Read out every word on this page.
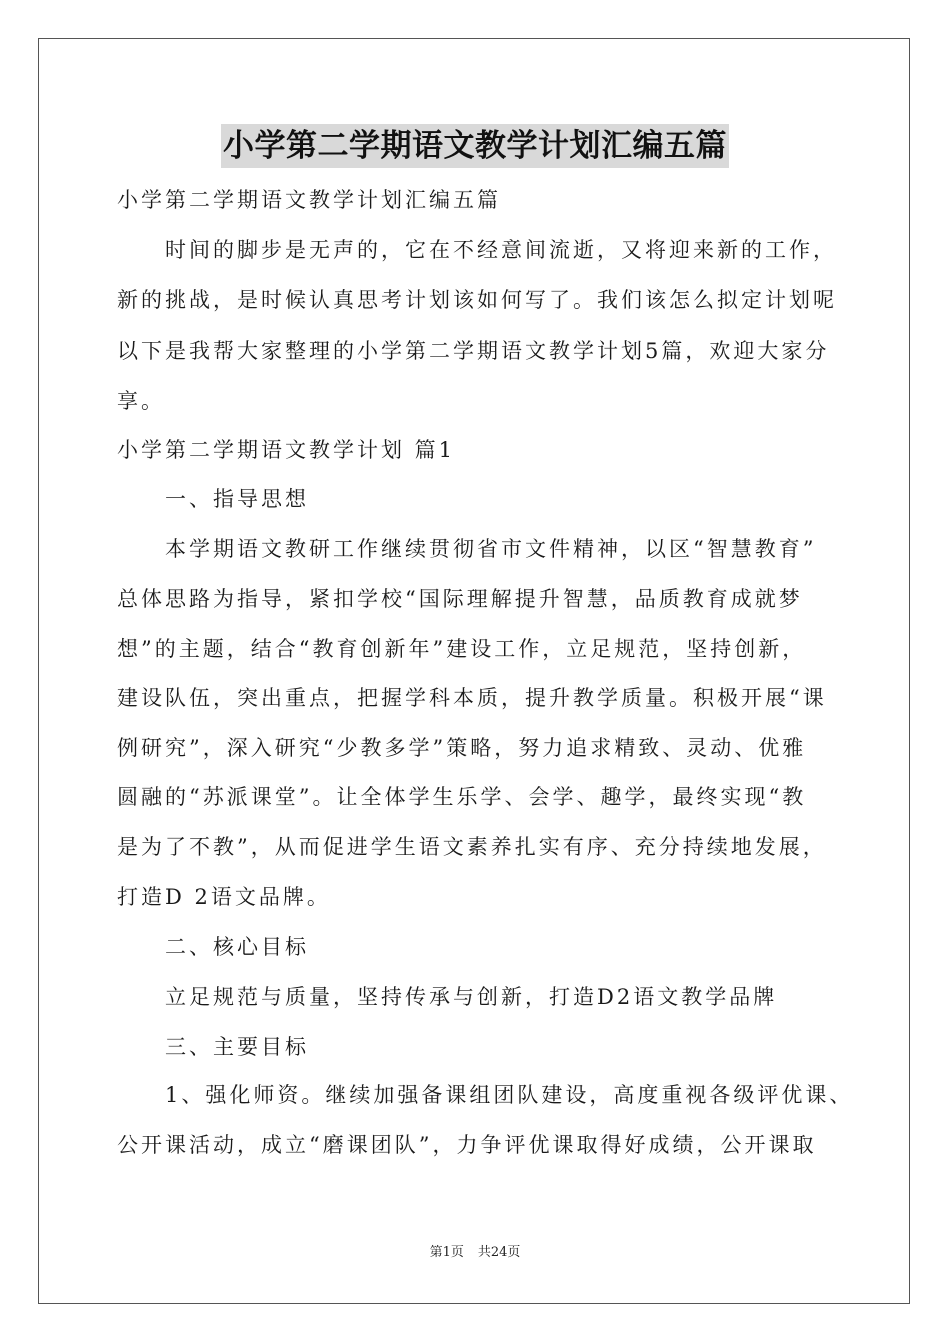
小学第二学期语文教学计划汇编五篇
小学第二学期语文教学计划汇编五篇
时间的脚步是无声的，它在不经意间流逝，又将迎来新的工作，
新的挑战，是时候认真思考计划该如何写了。我们该怎么拟定计划呢
以下是我帮大家整理的小学第二学期语文教学计划5篇，欢迎大家分
享。
小学第二学期语文教学计划 篇1
一、指导思想
本学期语文教研工作继续贯彻省市文件精神，以区“智慧教育”
总体思路为指导，紧扣学校“国际理解提升智慧，品质教育成就梦
想”的主题，结合“教育创新年”建设工作，立足规范，坚持创新，
建设队伍，突出重点，把握学科本质，提升教学质量。积极开展“课
例研究”，深入研究“少教多学”策略，努力追求精致、灵动、优雅
圆融的“苏派课堂”。让全体学生乐学、会学、趣学，最终实现“教
是为了不教”，从而促进学生语文素养扎实有序、充分持续地发展，
打造D 2语文品牌。
二、核心目标
立足规范与质量，坚持传承与创新，打造D2语文教学品牌
三、主要目标
1、强化师资。继续加强备课组团队建设，高度重视各级评优课、
公开课活动，成立“磨课团队”，力争评优课取得好成绩，公开课取
第1页 共24页
